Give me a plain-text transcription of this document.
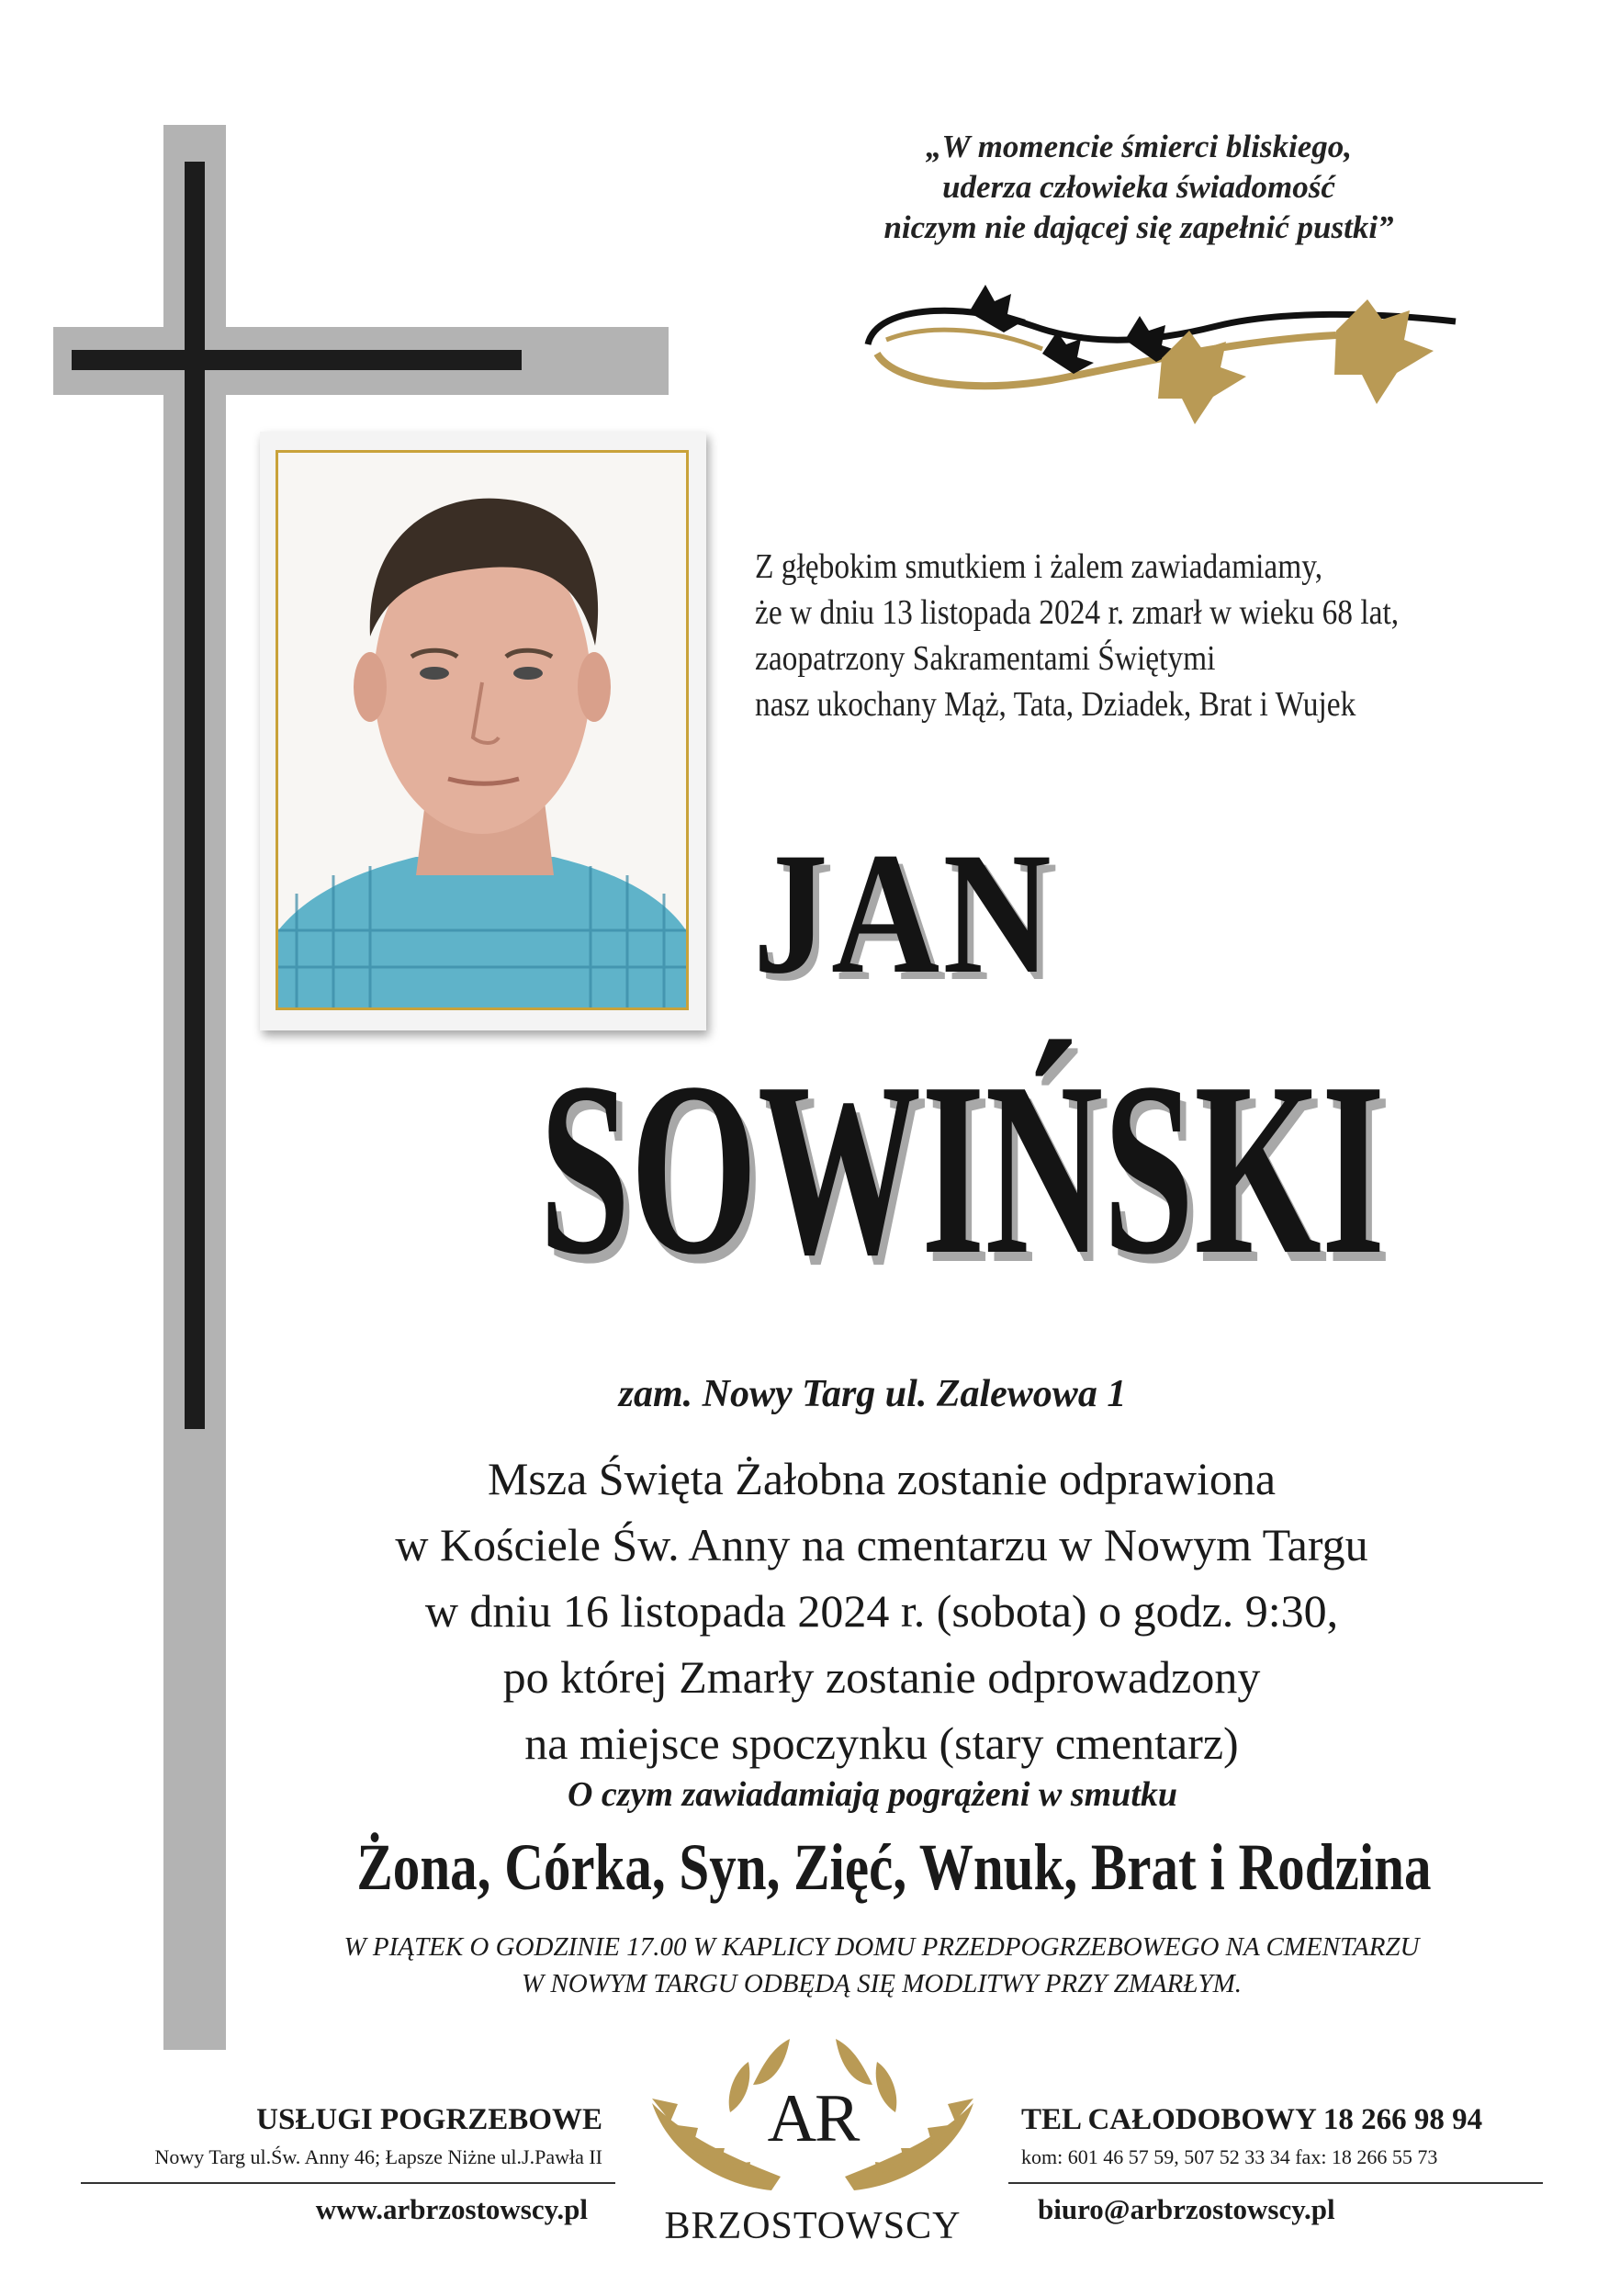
„W momencie śmierci bliskiego,
uderza człowieka świadomość
niczym nie dającej się zapełnić pustki”
Z głębokim smutkiem i żalem zawiadamiamy,
że w dniu 13 listopada 2024 r. zmarł w wieku 68 lat,
zaopatrzony Sakramentami Świętymi
nasz ukochany Mąż, Tata, Dziadek, Brat i Wujek
JAN
SOWIŃSKI
zam. Nowy Targ ul. Zalewowa 1
Msza Święta Żałobna zostanie odprawiona
w Kościele Św. Anny na cmentarzu w Nowym Targu
w dniu 16 listopada 2024 r. (sobota) o godz. 9:30,
po której Zmarły zostanie odprowadzony
na miejsce spoczynku (stary cmentarz)
O czym zawiadamiają pogrążeni w smutku
Żona, Córka, Syn, Zięć, Wnuk, Brat i Rodzina
W PIĄTEK O GODZINIE 17.00 W KAPLICY DOMU PRZEDPOGRZEBOWEGO NA CMENTARZU
W NOWYM TARGU ODBĘDĄ SIĘ MODLITWY PRZY ZMARŁYM.
USŁUGI POGRZEBOWE
Nowy Targ ul.Św. Anny 46; Łapsze Niżne ul.J.Pawła II
www.arbrzostowscy.pl
AR
BRZOSTOWSCY
TEL CAŁODOBOWY 18 266 98 94
kom: 601 46 57 59, 507 52 33 34 fax: 18 266 55 73
biuro@arbrzostowscy.pl
